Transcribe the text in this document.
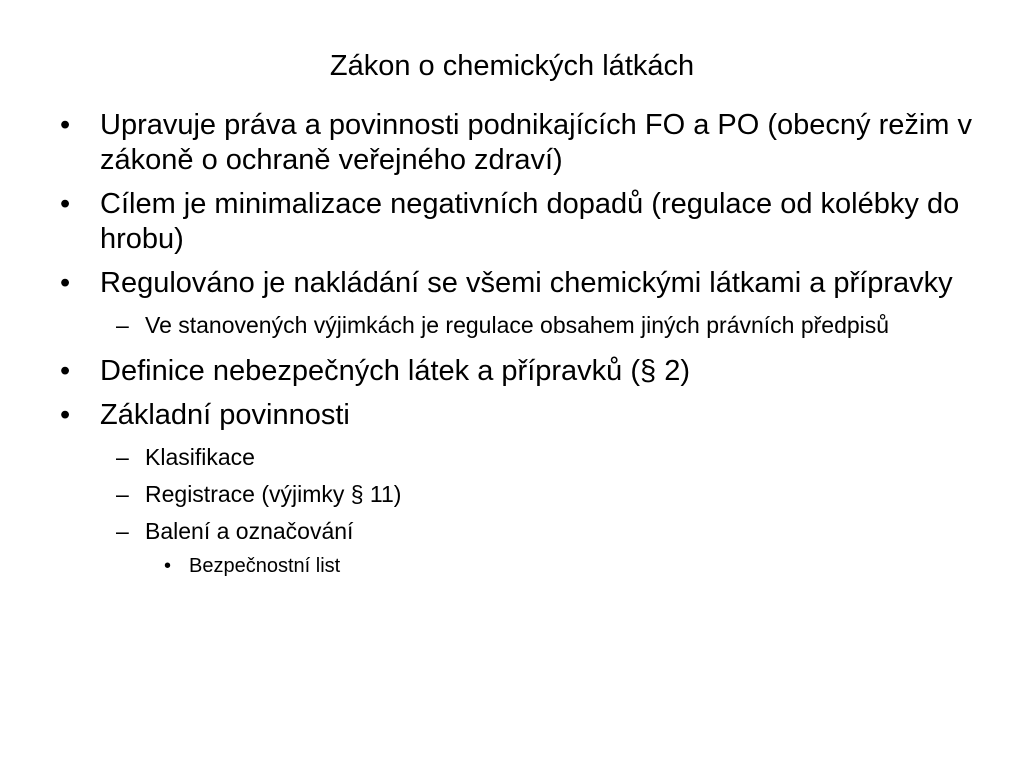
Zákon o chemických látkách
• Upravuje práva a povinnosti podnikajících FO a PO (obecný režim v zákoně o ochraně veřejného zdraví)
• Cílem je minimalizace negativních dopadů (regulace od kolébky do hrobu)
• Regulováno je nakládání se všemi chemickými látkami a přípravky
– Ve stanovených výjimkách je regulace obsahem jiných právních předpisů
• Definice nebezpečných látek a přípravků (§ 2)
• Základní povinnosti
– Klasifikace
– Registrace (výjimky § 11)
– Balení a označování
• Bezpečnostní list
